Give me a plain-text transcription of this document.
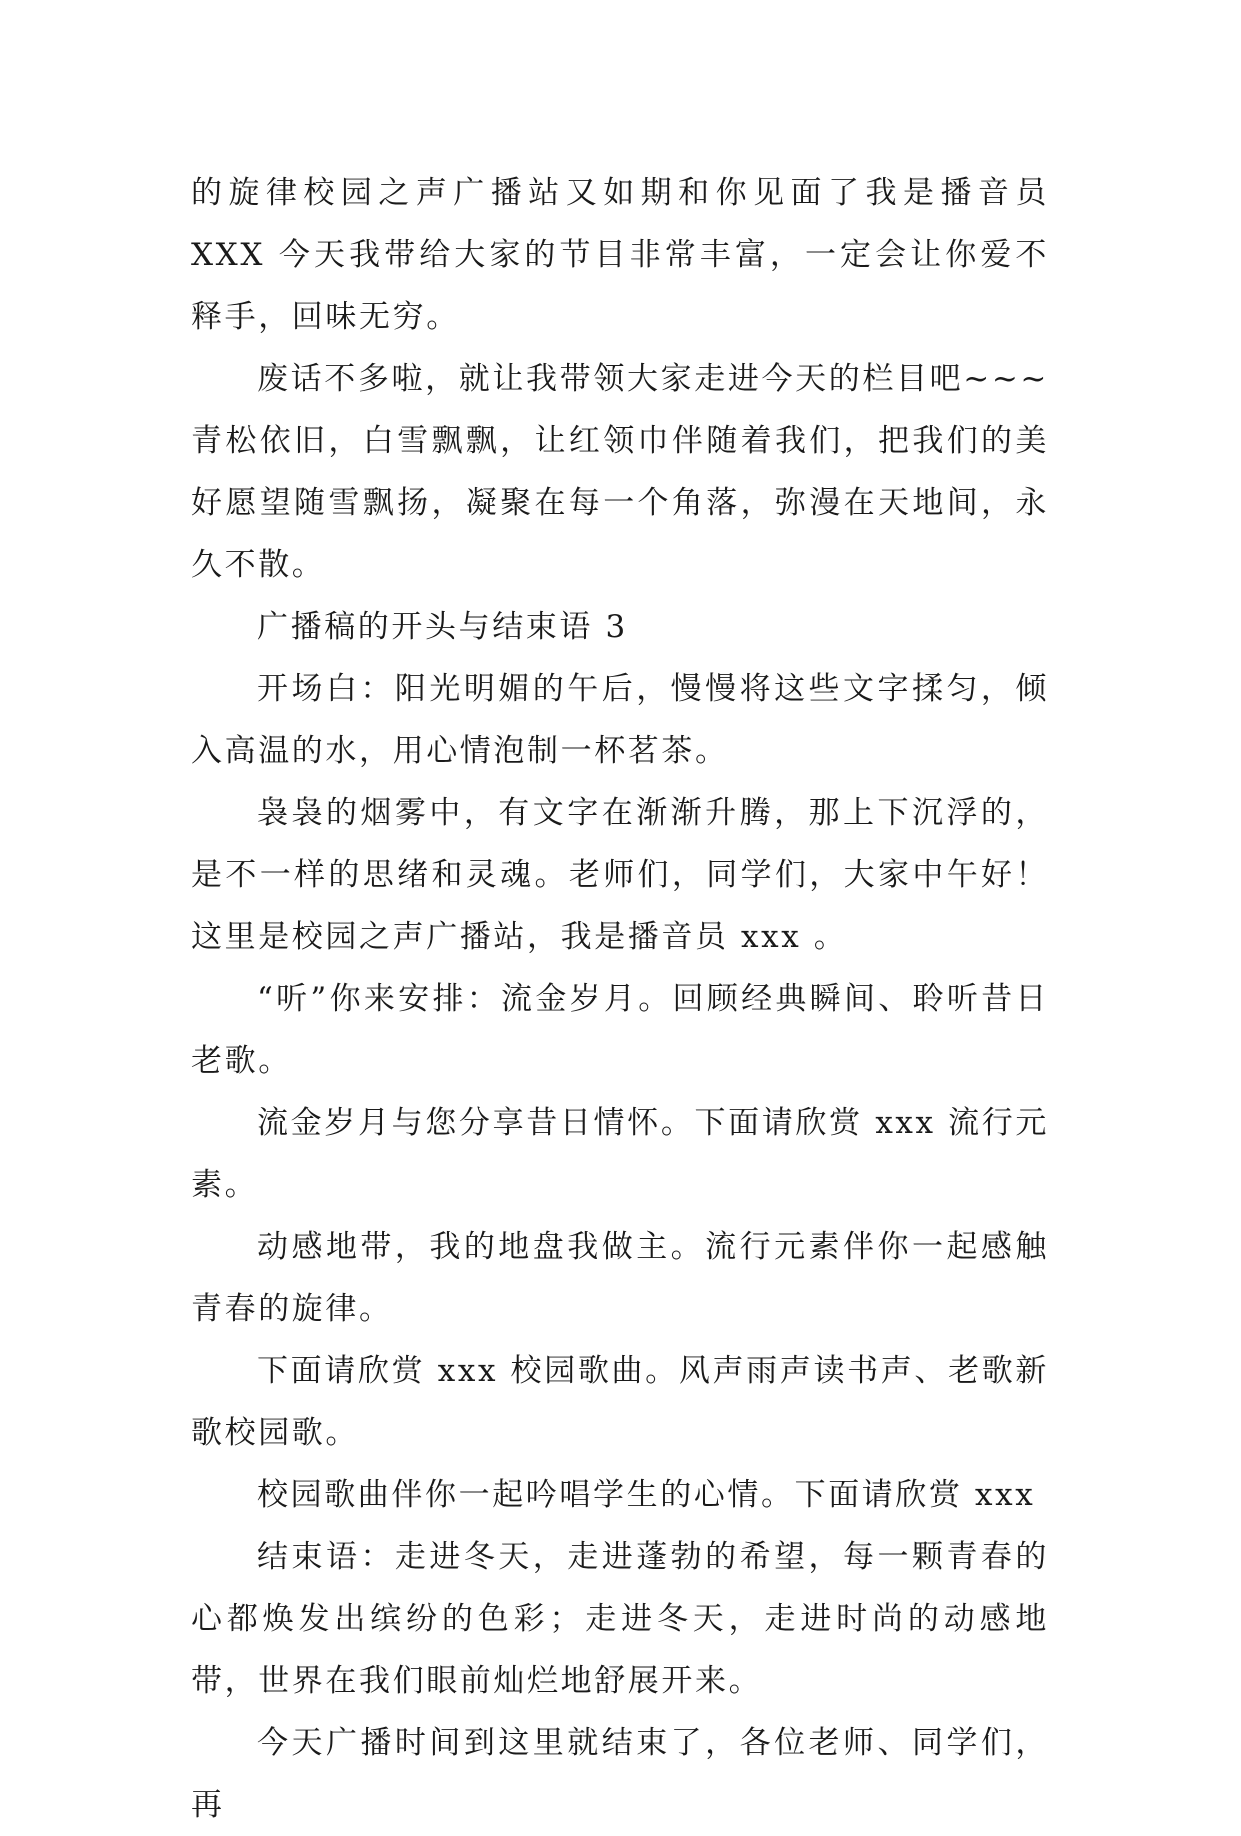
的旋律校园之声广播站又如期和你见面了我是播音员 XXX 今天我带给大家的节目非常丰富，一定会让你爱不释手，回味无穷。

废话不多啦，就让我带领大家走进今天的栏目吧~~~青松依旧，白雪飘飘，让红领巾伴随着我们，把我们的美好愿望随雪飘扬，凝聚在每一个角落，弥漫在天地间，永久不散。

广播稿的开头与结束语 3

开场白：阳光明媚的午后，慢慢将这些文字揉匀，倾入高温的水，用心情泡制一杯茗茶。

袅袅的烟雾中，有文字在渐渐升腾，那上下沉浮的，是不一样的思绪和灵魂。老师们，同学们，大家中午好！这里是校园之声广播站，我是播音员 xxx 。

“听”你来安排：流金岁月。回顾经典瞬间、聆听昔日老歌。

流金岁月与您分享昔日情怀。下面请欣赏 xxx 流行元素。

动感地带，我的地盘我做主。流行元素伴你一起感触青春的旋律。

下面请欣赏 xxx 校园歌曲。风声雨声读书声、老歌新歌校园歌。

校园歌曲伴你一起吟唱学生的心情。下面请欣赏 xxx

结束语：走进冬天，走进蓬勃的希望，每一颗青春的心都焕发出缤纷的色彩；走进冬天，走进时尚的动感地带，世界在我们眼前灿烂地舒展开来。

今天广播时间到这里就结束了，各位老师、同学们，再
